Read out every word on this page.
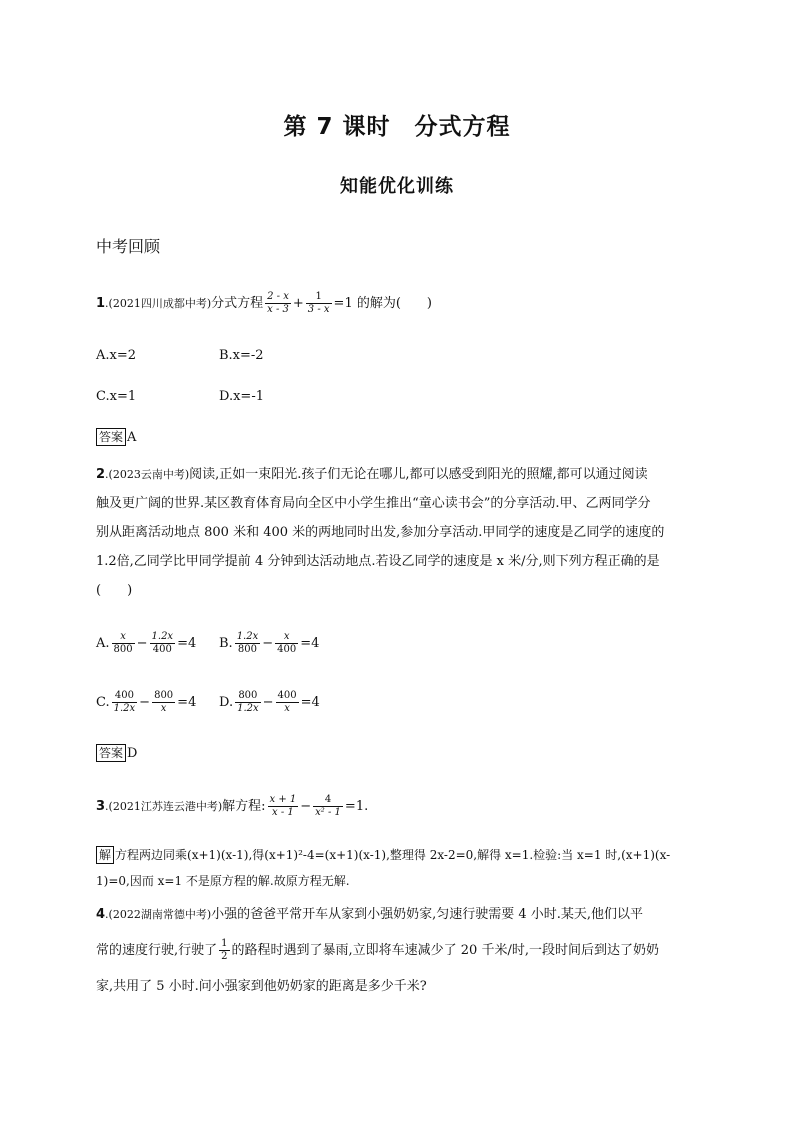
第 7 课时　分式方程
知能优化训练
中考回顾
1.(2021四川成都中考)分式方程 $\frac{2 - x}{x - 3} + \frac{1}{3 - x} =1$ 的解为(　　)
A.x=2	B.x=-2
C.x=1	D.x=-1
答案 A
2.(2023云南中考)阅读,正如一束阳光.孩子们无论在哪儿,都可以感受到阳光的照耀,都可以通过阅读
触及更广阔的世界.某区教育体育局向全区中小学生推出“童心读书会”的分享活动.甲、乙两同学分
别从距离活动地点 800 米和 400 米的两地同时出发,参加分享活动.甲同学的速度是乙同学的速度的
1.2倍,乙同学比甲同学提前 4 分钟到达活动地点.若设乙同学的速度是 x 米/分,则下列方程正确的是
(　　)
A. $\frac{x}{800} - \frac{1.2x}{400} =4$ B. $\frac{1.2x}{800} - \frac{x}{400} =4$
C. $\frac{400}{1.2x} - \frac{800}{x} =4$ D. $\frac{800}{1.2x} - \frac{400}{x} =4$
答案 D
3.(2021江苏连云港中考)解方程: $\frac{x + 1}{x - 1} - \frac{4}{\text{x² - 1}} =1$.
解 方程两边同乘(x+1)(x-1),得(x+1)²-4=(x+1)(x-1),整理得 2x-2=0,解得 x=1.检验:当 x=1 时,(x+1)(x-
1)=0,因而 x=1 不是原方程的解.故原方程无解.
4.(2022湖南常德中考)小强的爸爸平常开车从家到小强奶奶家,匀速行驶需要 4 小时.某天,他们以平
常的速度行驶,行驶了 $\frac{1}{2}$ 的路程时遇到了暴雨,立即将车速减少了 20 千米/时,一段时间后到达了奶奶
家,共用了 5 小时.问小强家到他奶奶家的距离是多少千米?
